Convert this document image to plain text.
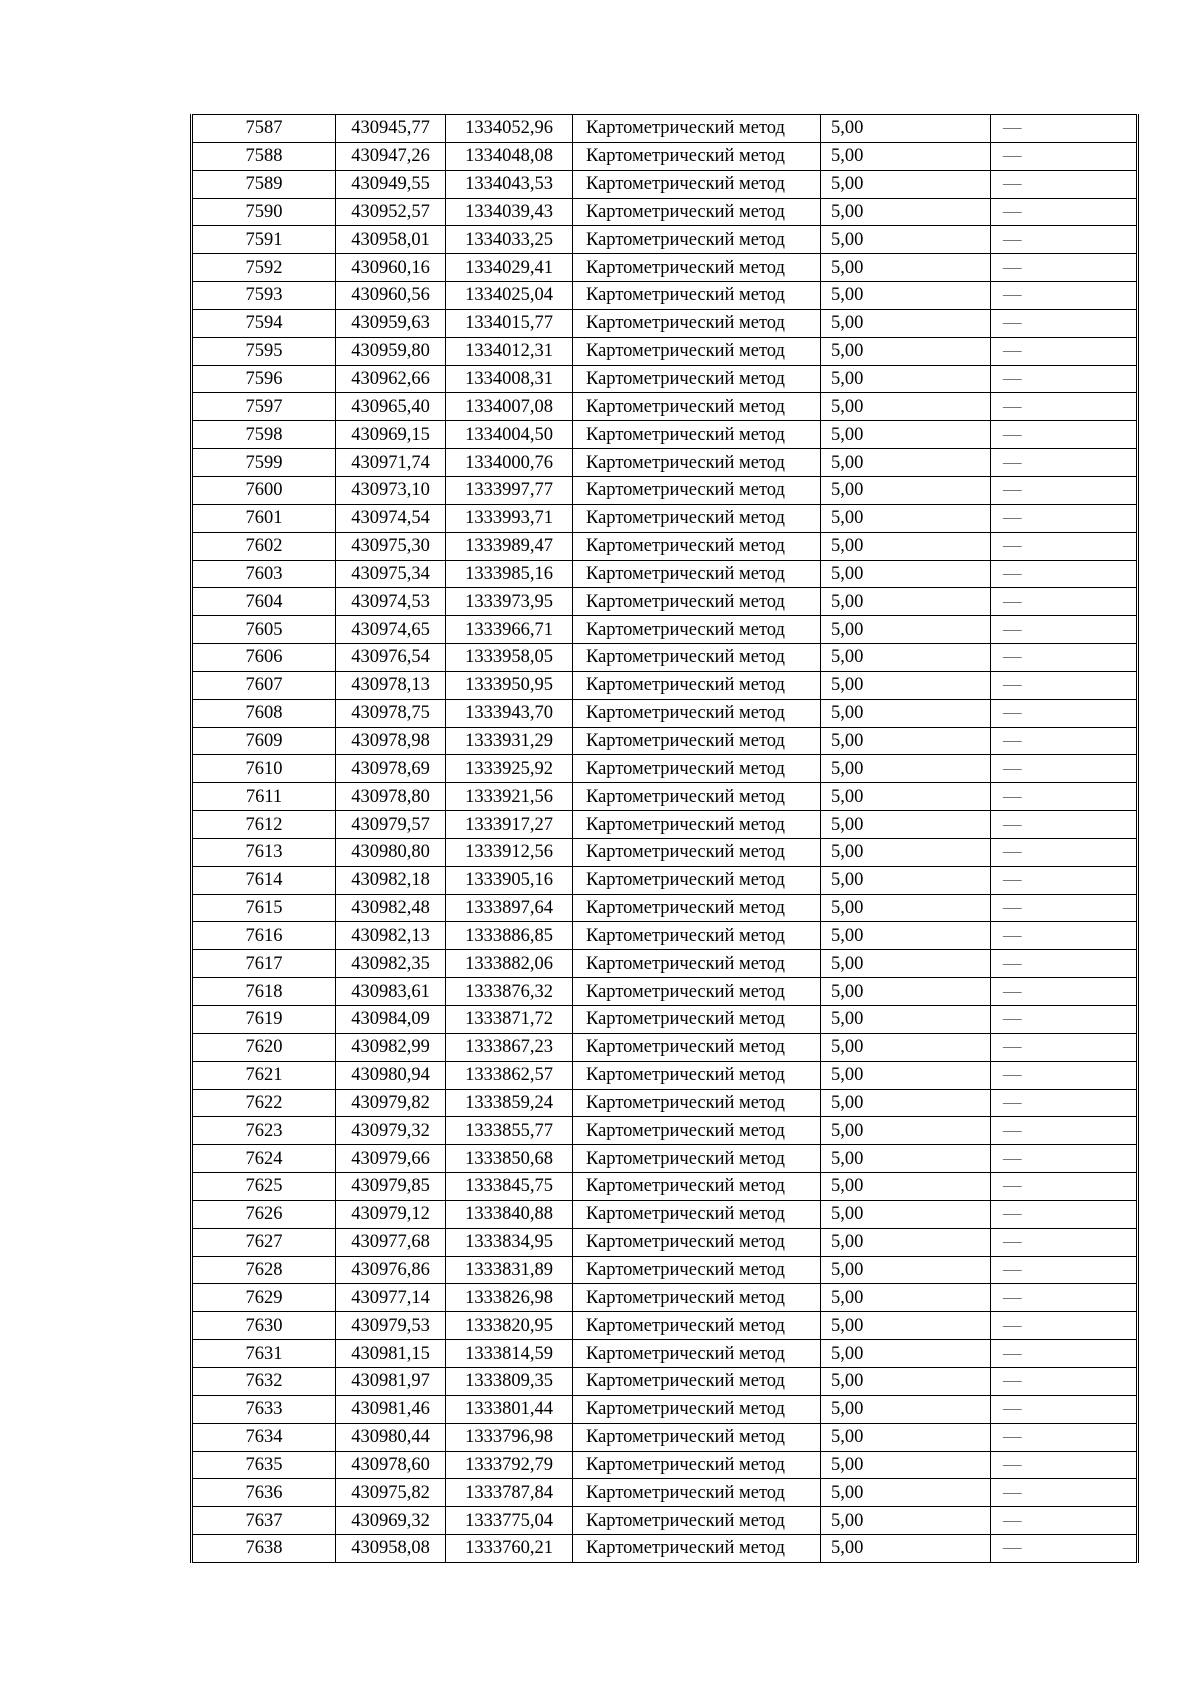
7587	430945,77	1334052,96	Картометрический метод	5,00	—
7588	430947,26	1334048,08	Картометрический метод	5,00	—
7589	430949,55	1334043,53	Картометрический метод	5,00	—
7590	430952,57	1334039,43	Картометрический метод	5,00	—
7591	430958,01	1334033,25	Картометрический метод	5,00	—
7592	430960,16	1334029,41	Картометрический метод	5,00	—
7593	430960,56	1334025,04	Картометрический метод	5,00	—
7594	430959,63	1334015,77	Картометрический метод	5,00	—
7595	430959,80	1334012,31	Картометрический метод	5,00	—
7596	430962,66	1334008,31	Картометрический метод	5,00	—
7597	430965,40	1334007,08	Картометрический метод	5,00	—
7598	430969,15	1334004,50	Картометрический метод	5,00	—
7599	430971,74	1334000,76	Картометрический метод	5,00	—
7600	430973,10	1333997,77	Картометрический метод	5,00	—
7601	430974,54	1333993,71	Картометрический метод	5,00	—
7602	430975,30	1333989,47	Картометрический метод	5,00	—
7603	430975,34	1333985,16	Картометрический метод	5,00	—
7604	430974,53	1333973,95	Картометрический метод	5,00	—
7605	430974,65	1333966,71	Картометрический метод	5,00	—
7606	430976,54	1333958,05	Картометрический метод	5,00	—
7607	430978,13	1333950,95	Картометрический метод	5,00	—
7608	430978,75	1333943,70	Картометрический метод	5,00	—
7609	430978,98	1333931,29	Картометрический метод	5,00	—
7610	430978,69	1333925,92	Картометрический метод	5,00	—
7611	430978,80	1333921,56	Картометрический метод	5,00	—
7612	430979,57	1333917,27	Картометрический метод	5,00	—
7613	430980,80	1333912,56	Картометрический метод	5,00	—
7614	430982,18	1333905,16	Картометрический метод	5,00	—
7615	430982,48	1333897,64	Картометрический метод	5,00	—
7616	430982,13	1333886,85	Картометрический метод	5,00	—
7617	430982,35	1333882,06	Картометрический метод	5,00	—
7618	430983,61	1333876,32	Картометрический метод	5,00	—
7619	430984,09	1333871,72	Картометрический метод	5,00	—
7620	430982,99	1333867,23	Картометрический метод	5,00	—
7621	430980,94	1333862,57	Картометрический метод	5,00	—
7622	430979,82	1333859,24	Картометрический метод	5,00	—
7623	430979,32	1333855,77	Картометрический метод	5,00	—
7624	430979,66	1333850,68	Картометрический метод	5,00	—
7625	430979,85	1333845,75	Картометрический метод	5,00	—
7626	430979,12	1333840,88	Картометрический метод	5,00	—
7627	430977,68	1333834,95	Картометрический метод	5,00	—
7628	430976,86	1333831,89	Картометрический метод	5,00	—
7629	430977,14	1333826,98	Картометрический метод	5,00	—
7630	430979,53	1333820,95	Картометрический метод	5,00	—
7631	430981,15	1333814,59	Картометрический метод	5,00	—
7632	430981,97	1333809,35	Картометрический метод	5,00	—
7633	430981,46	1333801,44	Картометрический метод	5,00	—
7634	430980,44	1333796,98	Картометрический метод	5,00	—
7635	430978,60	1333792,79	Картометрический метод	5,00	—
7636	430975,82	1333787,84	Картометрический метод	5,00	—
7637	430969,32	1333775,04	Картометрический метод	5,00	—
7638	430958,08	1333760,21	Картометрический метод	5,00	—
